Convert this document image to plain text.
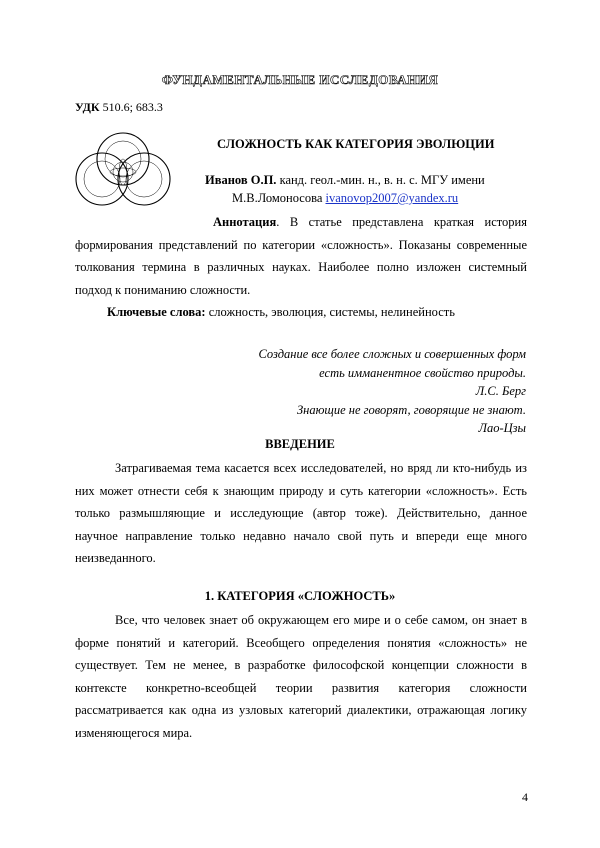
ФУНДАМЕНТАЛЬНЫЕ ИССЛЕДОВАНИЯ
УДК 510.6; 683.3
СЛОЖНОСТЬ КАК КАТЕГОРИЯ ЭВОЛЮЦИИ
Иванов О.П. канд. геол.-мин. н., в. н. с. МГУ имени
М.В.Ломоносова ivanovop2007@yandex.ru
Аннотация. В статье представлена краткая история формирования представлений по категории «сложность». Показаны современные толкования термина в различных науках. Наиболее полно изложен системный подход к пониманию сложности.
Ключевые слова: сложность, эволюция, системы, нелинейность
Создание все более сложных и совершенных форм
есть имманентное свойство природы.
Л.С. Берг
Знающие не говорят, говорящие не знают.
Лао-Цзы
ВВЕДЕНИЕ
Затрагиваемая тема касается всех исследователей, но вряд ли кто-нибудь из них может отнести себя к знающим природу и суть категории «сложность». Есть только размышляющие и исследующие (автор тоже). Действительно, данное научное направление только недавно начало свой путь и впереди еще много неизведанного.
1. КАТЕГОРИЯ «СЛОЖНОСТЬ»
Все, что человек знает об окружающем его мире и о себе самом, он знает в форме понятий и категорий. Всеобщего определения понятия «сложность» не существует. Тем не менее, в разработке философской концепции сложности в контексте конкретно-всеобщей теории развития категория сложности рассматривается как одна из узловых категорий диалектики, отражающая логику изменяющегося мира.
4
